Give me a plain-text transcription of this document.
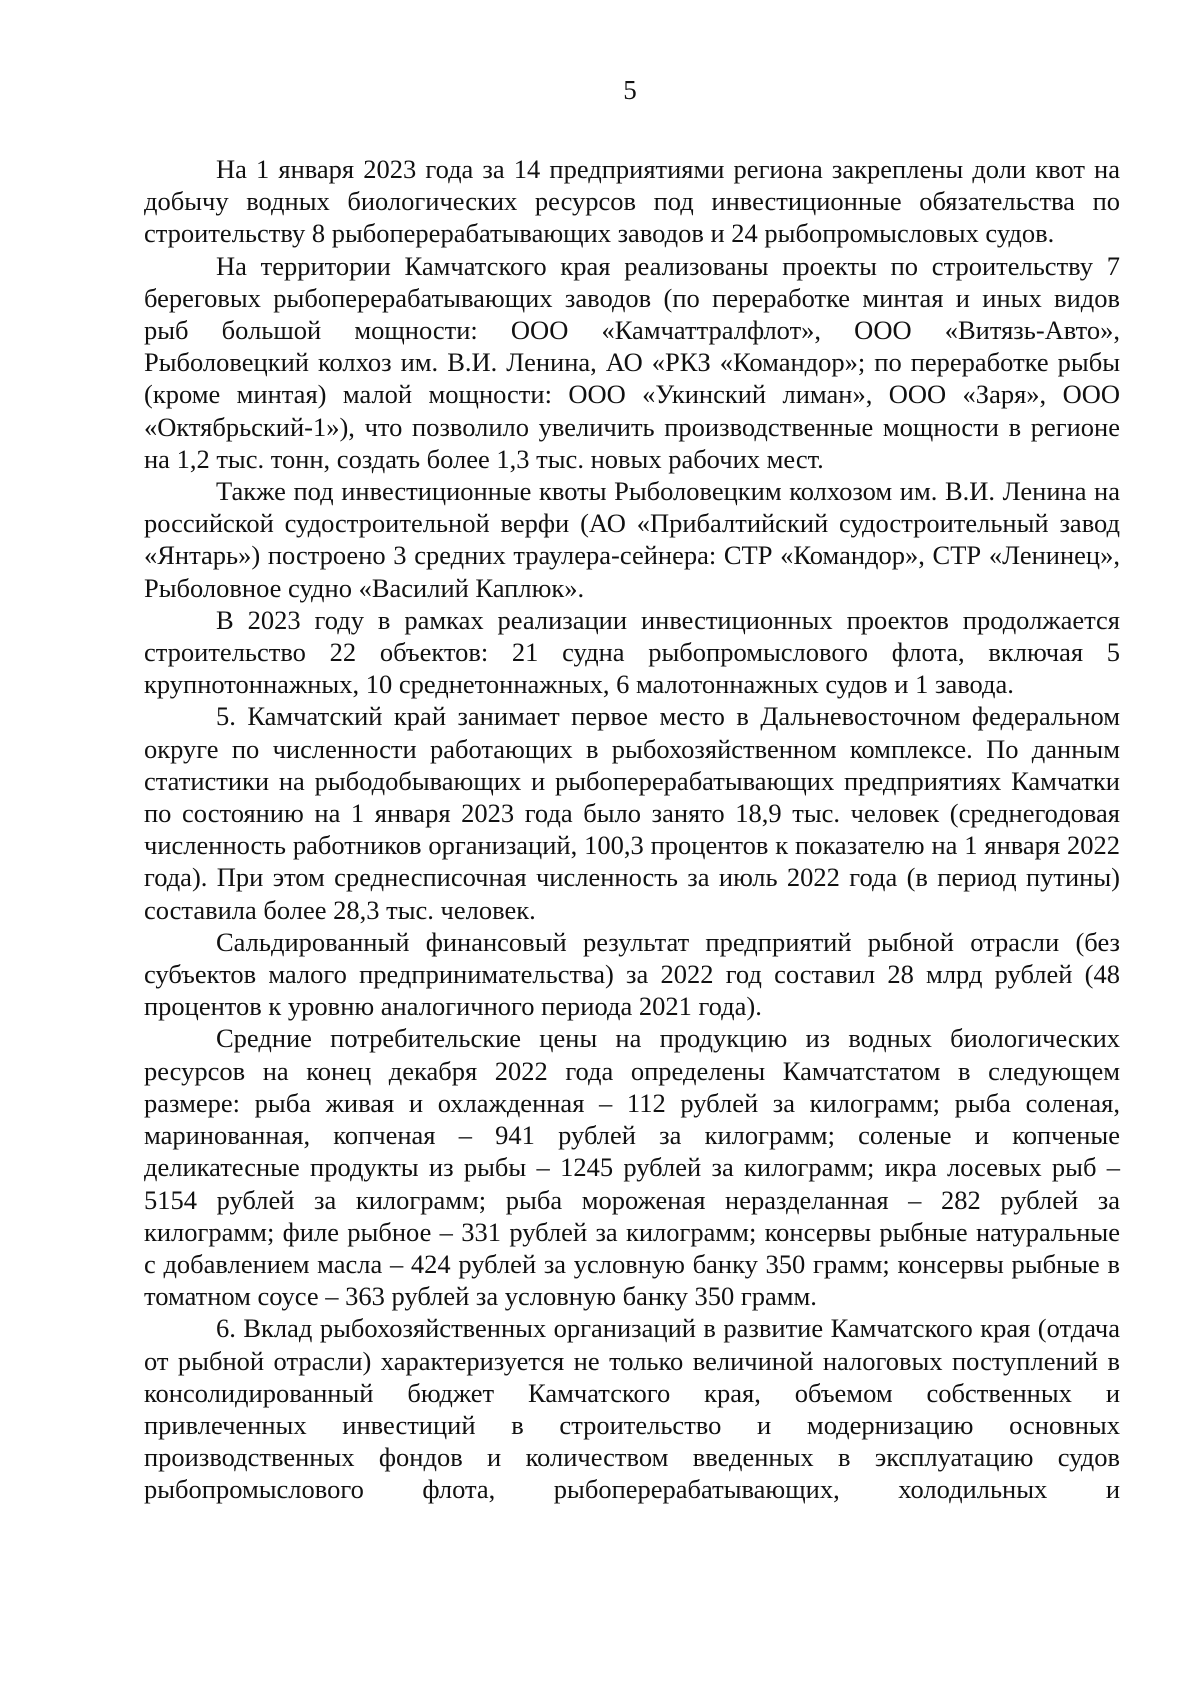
5

На 1 января 2023 года за 14 предприятиями региона закреплены доли квот на добычу водных биологических ресурсов под инвестиционные обязательства по строительству 8 рыбоперерабатывающих заводов и 24 рыбопромысловых судов.

На территории Камчатского края реализованы проекты по строительству 7 береговых рыбоперерабатывающих заводов (по переработке минтая и иных видов рыб большой мощности: ООО «Камчаттралфлот», ООО «Витязь-Авто», Рыболовецкий колхоз им. В.И. Ленина, АО «РКЗ «Командор»; по переработке рыбы (кроме минтая) малой мощности: ООО «Укинский лиман», ООО «Заря», ООО «Октябрьский-1»), что позволило увеличить производственные мощности в регионе на 1,2 тыс. тонн, создать более 1,3 тыс. новых рабочих мест.

Также под инвестиционные квоты Рыболовецким колхозом им. В.И. Ленина на российской судостроительной верфи (АО «Прибалтийский судостроительный завод «Янтарь») построено 3 средних траулера-сейнера: СТР «Командор», СТР «Ленинец», Рыболовное судно «Василий Каплюк».

В 2023 году в рамках реализации инвестиционных проектов продолжается строительство 22 объектов: 21 судна рыбопромыслового флота, включая 5 крупнотоннажных, 10 среднетоннажных, 6 малотоннажных судов и 1 завода.

5. Камчатский край занимает первое место в Дальневосточном федеральном округе по численности работающих в рыбохозяйственном комплексе. По данным статистики на рыбодобывающих и рыбоперерабатывающих предприятиях Камчатки по состоянию на 1 января 2023 года было занято 18,9 тыс. человек (среднегодовая численность работников организаций, 100,3 процентов к показателю на 1 января 2022 года). При этом среднесписочная численность за июль 2022 года (в период путины) составила более 28,3 тыс. человек.

Сальдированный финансовый результат предприятий рыбной отрасли (без субъектов малого предпринимательства) за 2022 год составил 28 млрд рублей (48 процентов к уровню аналогичного периода 2021 года).

Средние потребительские цены на продукцию из водных биологических ресурсов на конец декабря 2022 года определены Камчатстатом в следующем размере: рыба живая и охлажденная – 112 рублей за килограмм; рыба соленая, маринованная, копченая – 941 рублей за килограмм; соленые и копченые деликатесные продукты из рыбы – 1245 рублей за килограмм; икра лосевых рыб – 5154 рублей за килограмм; рыба мороженая неразделанная – 282 рублей за килограмм; филе рыбное – 331 рублей за килограмм; консервы рыбные натуральные с добавлением масла – 424 рублей за условную банку 350 грамм; консервы рыбные в томатном соусе – 363 рублей за условную банку 350 грамм.

6. Вклад рыбохозяйственных организаций в развитие Камчатского края (отдача от рыбной отрасли) характеризуется не только величиной налоговых поступлений в консолидированный бюджет Камчатского края, объемом собственных и привлеченных инвестиций в строительство и модернизацию основных производственных фондов и количеством введенных в эксплуатацию судов рыбопромыслового флота, рыбоперерабатывающих, холодильных и
